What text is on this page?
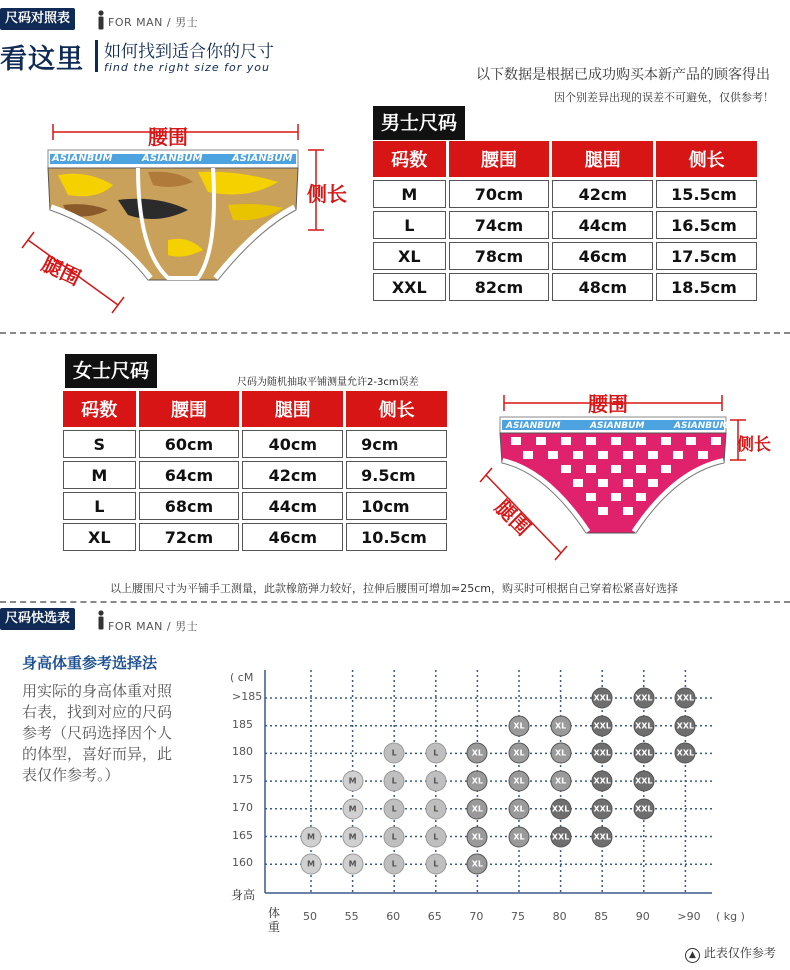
尺码对照表	FOR MAN / 男士
看这里 如何找到适合你的尺寸
find the right size for you	以下数据是根据已成功购买本新产品的顾客得出
因个别差异出现的误差不可避免，仅供参考！
腰围
ASIANBUM	ASIANBUM	ASIANBUM
侧长
腿围
男士尺码
码数	腰围	腿围	侧长
M	70cm	42cm	15.5cm
L	74cm	44cm	16.5cm
XL	78cm	46cm	17.5cm
XXL	82cm	48cm	18.5cm
女士尺码
尺码为随机抽取平铺测量允许2-3cm误差
码数	腰围	腿围	侧长
S	60cm	40cm	9cm
M	64cm	42cm	9.5cm
L	68cm	44cm	10cm
XL	72cm	46cm	10.5cm
腰围
ASIANBUM	ASIANBUM	ASIANBUM
侧长
腿围
以上腰围尺寸为平铺手工测量，此款橡筋弹力较好，拉伸后腰围可增加≈25cm，购买时可根据自己穿着松紧喜好选择
尺码快选表
FOR MAN / 男士
身高体重参考选择法
用实际的身高体重对照
右表，找到对应的尺码
参考（尺码选择因个人
的体型，喜好而异，此
表仅作参考。）
( cM
身高
体重
( kg )
>185
185
180
175
170
165
160
50	55	60	65	70	75	80	85	90	>90
M
M
M
M
M
M
L
L
L
L
L
L
L
L
L
L
XL
XL
XL
XL
XL
XL
XL
XL
XL
XL
XL
XL
XL
XXL
XXL
XXL
XXL
XXL
XXL
XXL
XXL
XXL
XXL
XXL
XXL
XXL
XXL
XXL
XXL
▲ 此表仅作参考
